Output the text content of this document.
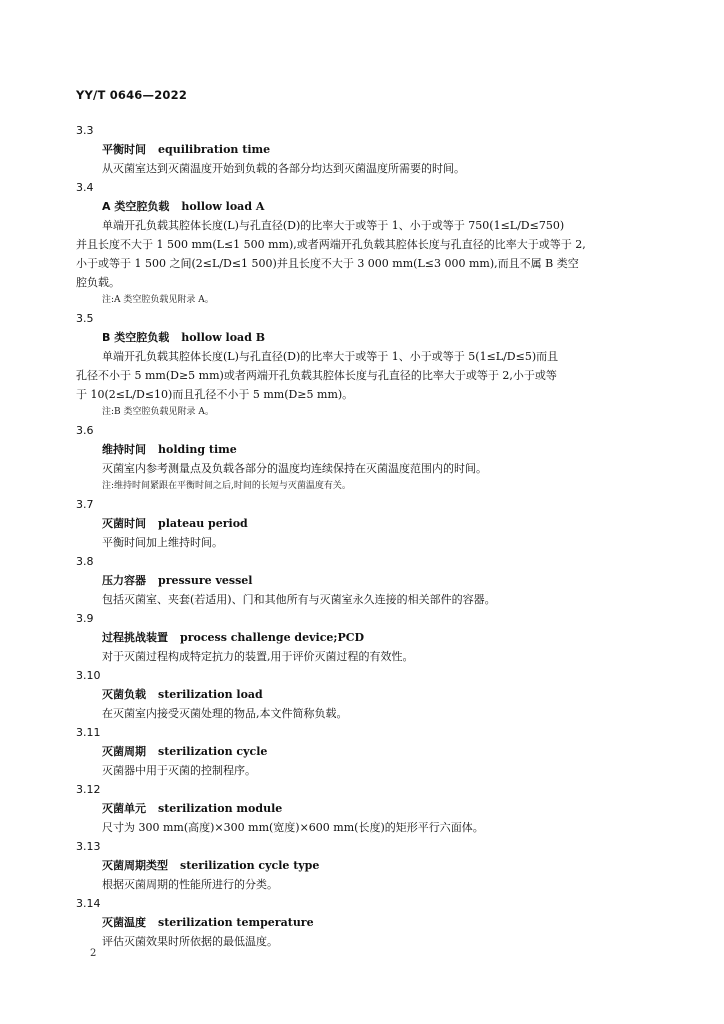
YY/T 0646—2022
3.3
平衡时间 equilibration time
从灭菌室达到灭菌温度开始到负载的各部分均达到灭菌温度所需要的时间。
3.4
A 类空腔负载 hollow load A
单端开孔负载其腔体长度(L)与孔直径(D)的比率大于或等于 1、小于或等于 750(1≤L/D≤750)
并且长度不大于 1 500 mm(L≤1 500 mm),或者两端开孔负载其腔体长度与孔直径的比率大于或等于 2,
小于或等于 1 500 之间(2≤L/D≤1 500)并且长度不大于 3 000 mm(L≤3 000 mm),而且不属 B 类空
腔负载。
注:A 类空腔负载见附录 A。
3.5
B 类空腔负载 hollow load B
单端开孔负载其腔体长度(L)与孔直径(D)的比率大于或等于 1、小于或等于 5(1≤L/D≤5)而且
孔径不小于 5 mm(D≥5 mm)或者两端开孔负载其腔体长度与孔直径的比率大于或等于 2,小于或等
于 10(2≤L/D≤10)而且孔径不小于 5 mm(D≥5 mm)。
注:B 类空腔负载见附录 A。
3.6
维持时间 holding time
灭菌室内参考测量点及负载各部分的温度均连续保持在灭菌温度范围内的时间。
注:维持时间紧跟在平衡时间之后,时间的长短与灭菌温度有关。
3.7
灭菌时间 plateau period
平衡时间加上维持时间。
3.8
压力容器 pressure vessel
包括灭菌室、夹套(若适用)、门和其他所有与灭菌室永久连接的相关部件的容器。
3.9
过程挑战装置 process challenge device;PCD
对于灭菌过程构成特定抗力的装置,用于评价灭菌过程的有效性。
3.10
灭菌负载 sterilization load
在灭菌室内接受灭菌处理的物品,本文件简称负载。
3.11
灭菌周期 sterilization cycle
灭菌器中用于灭菌的控制程序。
3.12
灭菌单元 sterilization module
尺寸为 300 mm(高度)×300 mm(宽度)×600 mm(长度)的矩形平行六面体。
3.13
灭菌周期类型 sterilization cycle type
根据灭菌周期的性能所进行的分类。
3.14
灭菌温度 sterilization temperature
评估灭菌效果时所依据的最低温度。
2
